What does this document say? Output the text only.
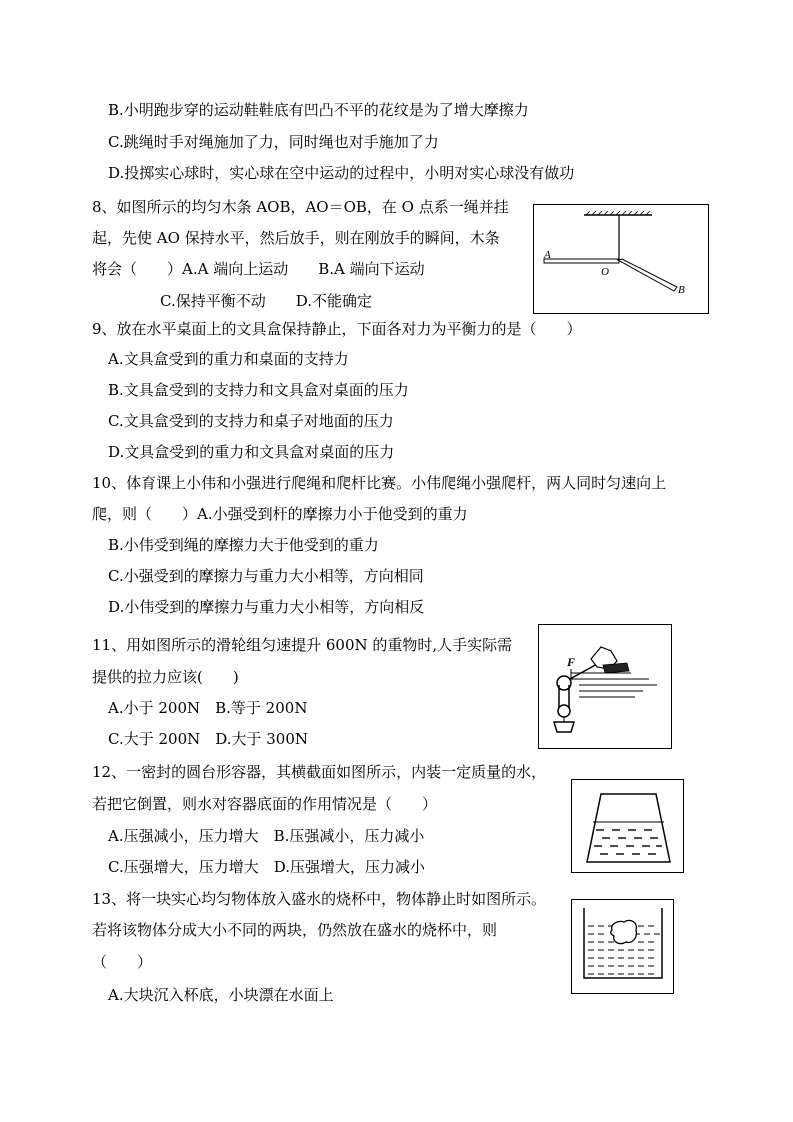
B.小明跑步穿的运动鞋鞋底有凹凸不平的花纹是为了增大摩擦力
C.跳绳时手对绳施加了力，同时绳也对手施加了力
D.投掷实心球时，实心球在空中运动的过程中，小明对实心球没有做功
8、如图所示的均匀木条 AOB，AO＝OB，在 O 点系一绳并挂
起，先使 AO 保持水平，然后放手，则在刚放手的瞬间，木条
将会（　　）A.A 端向上运动　　B.A 端向下运动
C.保持平衡不动　　D.不能确定
A
O
B
9、放在水平桌面上的文具盒保持静止，下面各对力为平衡力的是（　　）
A.文具盒受到的重力和桌面的支持力
B.文具盒受到的支持力和文具盒对桌面的压力
C.文具盒受到的支持力和桌子对地面的压力
D.文具盒受到的重力和文具盒对桌面的压力
10、体育课上小伟和小强进行爬绳和爬杆比赛。小伟爬绳小强爬杆，两人同时匀速向上
爬，则（　　）A.小强受到杆的摩擦力小于他受到的重力
B.小伟受到绳的摩擦力大于他受到的重力
C.小强受到的摩擦力与重力大小相等，方向相同
D.小伟受到的摩擦力与重力大小相等，方向相反
11、用如图所示的滑轮组匀速提升 600N 的重物时,人手实际需
提供的拉力应该(　　)
A.小于 200N　B.等于 200N
C.大于 200N　D.大于 300N
F
12、一密封的圆台形容器，其横截面如图所示，内装一定质量的水，
若把它倒置，则水对容器底面的作用情况是（　　）
A.压强减小，压力增大　B.压强减小，压力减小
C.压强增大，压力增大　D.压强增大，压力减小
13、将一块实心均匀物体放入盛水的烧杯中，物体静止时如图所示。
若将该物体分成大小不同的两块，仍然放在盛水的烧杯中，则
（　　）
A.大块沉入杯底，小块漂在水面上
